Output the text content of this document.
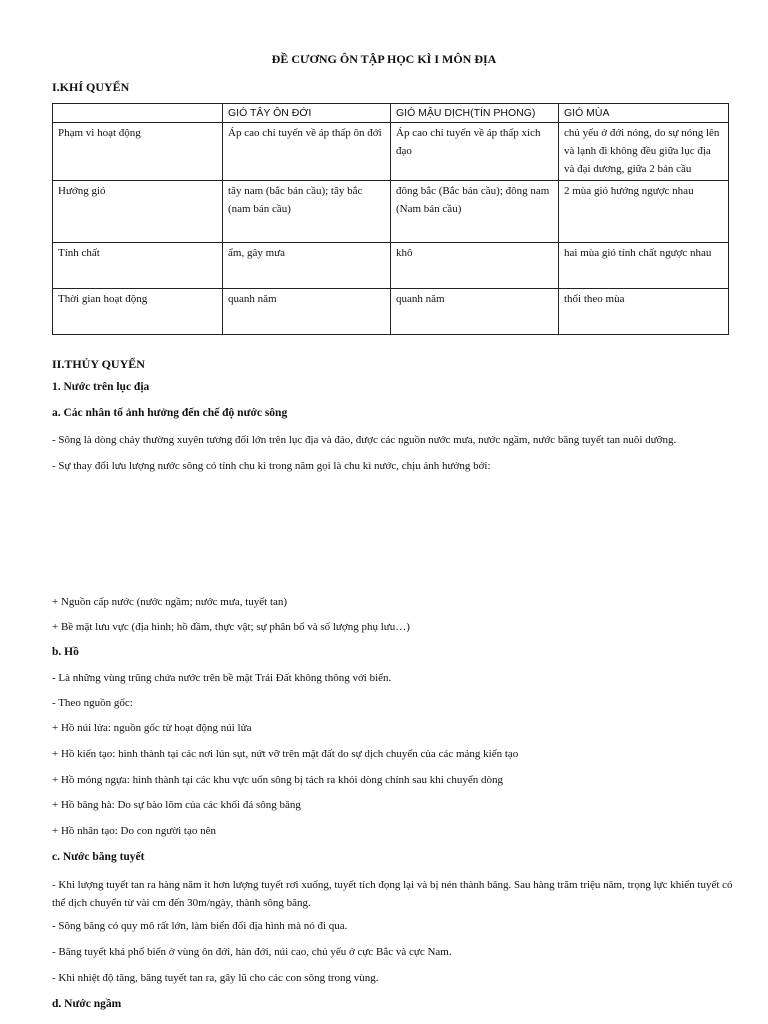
ĐỀ CƯƠNG ÔN TẬP HỌC KÌ I MÔN ĐỊA
I.KHÍ QUYỂN
	GIÓ TÂY ÔN ĐỚI	GIÓ MẬU DỊCH(TÍN PHONG)	GIÓ MÙA
Phạm vi hoạt động	Áp cao chí tuyến về áp thấp ôn đới	Áp cao chí tuyến về áp thấp xích đạo	chủ yếu ở đới nóng, do sự nóng lên và lạnh đi không đều giữa lục địa và đại dương, giữa 2 bán cầu
Hướng gió	tây nam (bắc bán cầu); tây bắc (nam bán cầu)	đông bắc (Bắc bán cầu); đông nam (Nam bán cầu)	2 mùa gió hướng ngược nhau
Tính chất	ẩm, gây mưa	khô	hai mùa gió tính chất ngược nhau
Thời gian hoạt động	quanh năm	quanh năm	thổi theo mùa
II.THỦY QUYỂN
1. Nước trên lục địa
a. Các nhân tố ảnh hưởng đến chế độ nước sông
- Sông là dòng chảy thường xuyên tương đối lớn trên lục địa và đảo, được các nguồn nước mưa, nước ngầm, nước băng tuyết tan nuôi dưỡng.
- Sự thay đổi lưu lượng nước sông có tính chu kì trong năm gọi là chu kì nước, chịu ảnh hưởng bởi:
+ Nguồn cấp nước (nước ngầm; nước mưa, tuyết tan)
+ Bề mặt lưu vực (địa hình; hồ đầm, thực vật; sự phân bố và số lượng phụ lưu…)
b. Hồ
- Là những vùng trũng chứa nước trên bề mặt Trái Đất không thông với biển.
- Theo nguồn gốc:
+ Hồ núi lửa: nguồn gốc từ hoạt động núi lửa
+ Hồ kiến tạo: hình thành tại các nơi lún sụt, nứt vỡ trên mặt đất do sự dịch chuyển của các mảng kiến tạo
+ Hồ móng ngựa: hình thành tại các khu vực uốn sông bị tách ra khỏi dòng chính sau khi chuyển dòng
+ Hồ băng hà: Do sự bào lõm của các khối đá sông băng
+ Hồ nhân tạo: Do con người tạo nên
c. Nước băng tuyết
- Khi lượng tuyết tan ra hàng năm ít hơn lượng tuyết rơi xuống, tuyết tích đọng lại và bị nén thành băng. Sau hàng trăm triệu năm, trọng lực khiến tuyết có thể dịch chuyển từ vài cm đến 30m/ngày, thành sông băng.
- Sông băng có quy mô rất lớn, làm biến đổi địa hình mà nó đi qua.
- Băng tuyết khá phổ biến ở vùng ôn đới, hàn đới, núi cao, chủ yếu ở cực Bắc và cực Nam.
- Khi nhiệt độ tăng, băng tuyết tan ra, gây lũ cho các con sông trong vùng.
d. Nước ngầm
